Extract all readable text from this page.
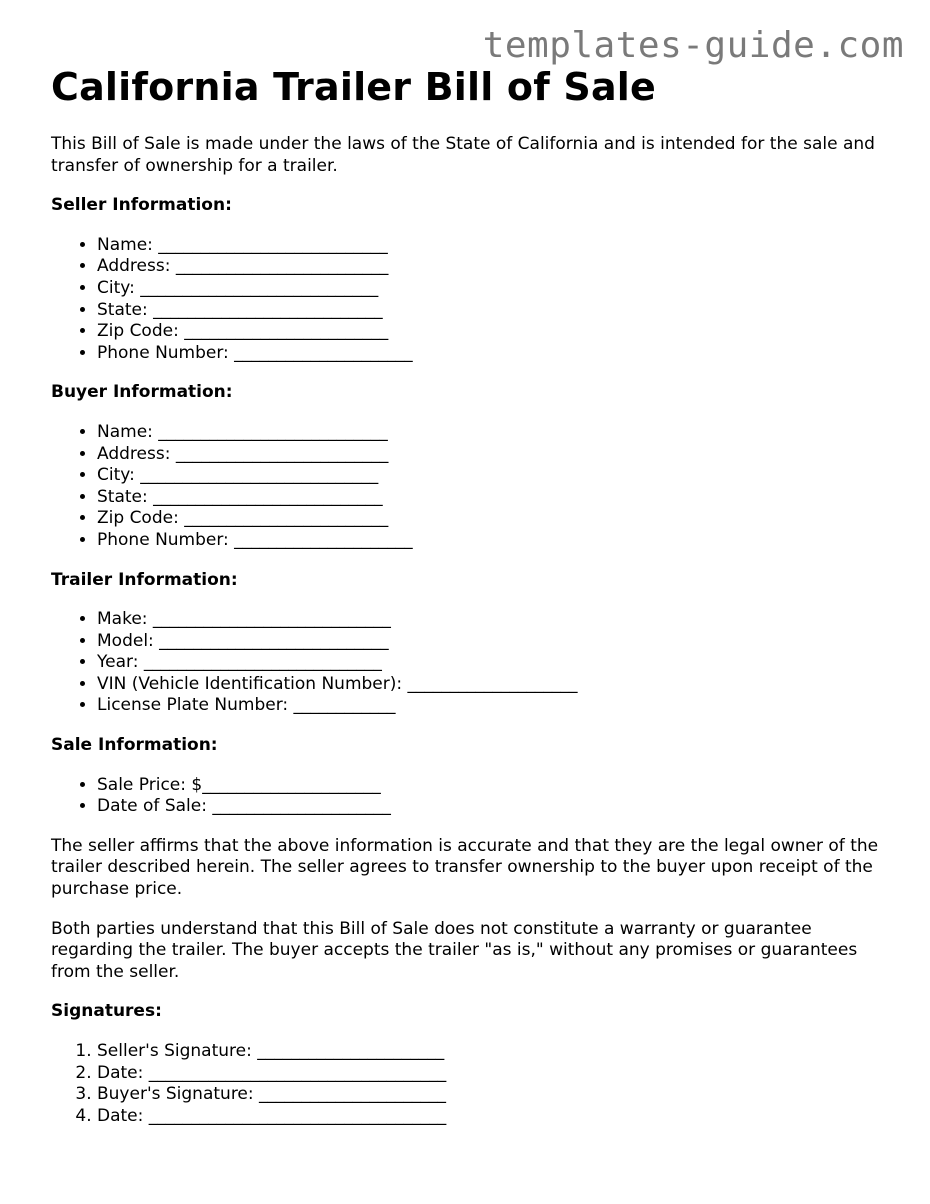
templates-guide.com
California Trailer Bill of Sale

This Bill of Sale is made under the laws of the State of California and is intended for the sale and transfer of ownership for a trailer.

Seller Information:
• Name: ___________________________
• Address: _________________________
• City: ____________________________
• State: ___________________________
• Zip Code: ________________________
• Phone Number: _____________________
Buyer Information:
• Name: ___________________________
• Address: _________________________
• City: ____________________________
• State: ___________________________
• Zip Code: ________________________
• Phone Number: _____________________
Trailer Information:
• Make: ____________________________
• Model: ___________________________
• Year: ____________________________
• VIN (Vehicle Identification Number): ____________________
• License Plate Number: ____________
Sale Information:
• Sale Price: $_____________________
• Date of Sale: _____________________

The seller affirms that the above information is accurate and that they are the legal owner of the trailer described herein. The seller agrees to transfer ownership to the buyer upon receipt of the purchase price.

Both parties understand that this Bill of Sale does not constitute a warranty or guarantee regarding the trailer. The buyer accepts the trailer "as is," without any promises or guarantees from the seller.

Signatures:
1. Seller's Signature: ______________________
2. Date: ___________________________________
3. Buyer's Signature: ______________________
4. Date: ___________________________________
